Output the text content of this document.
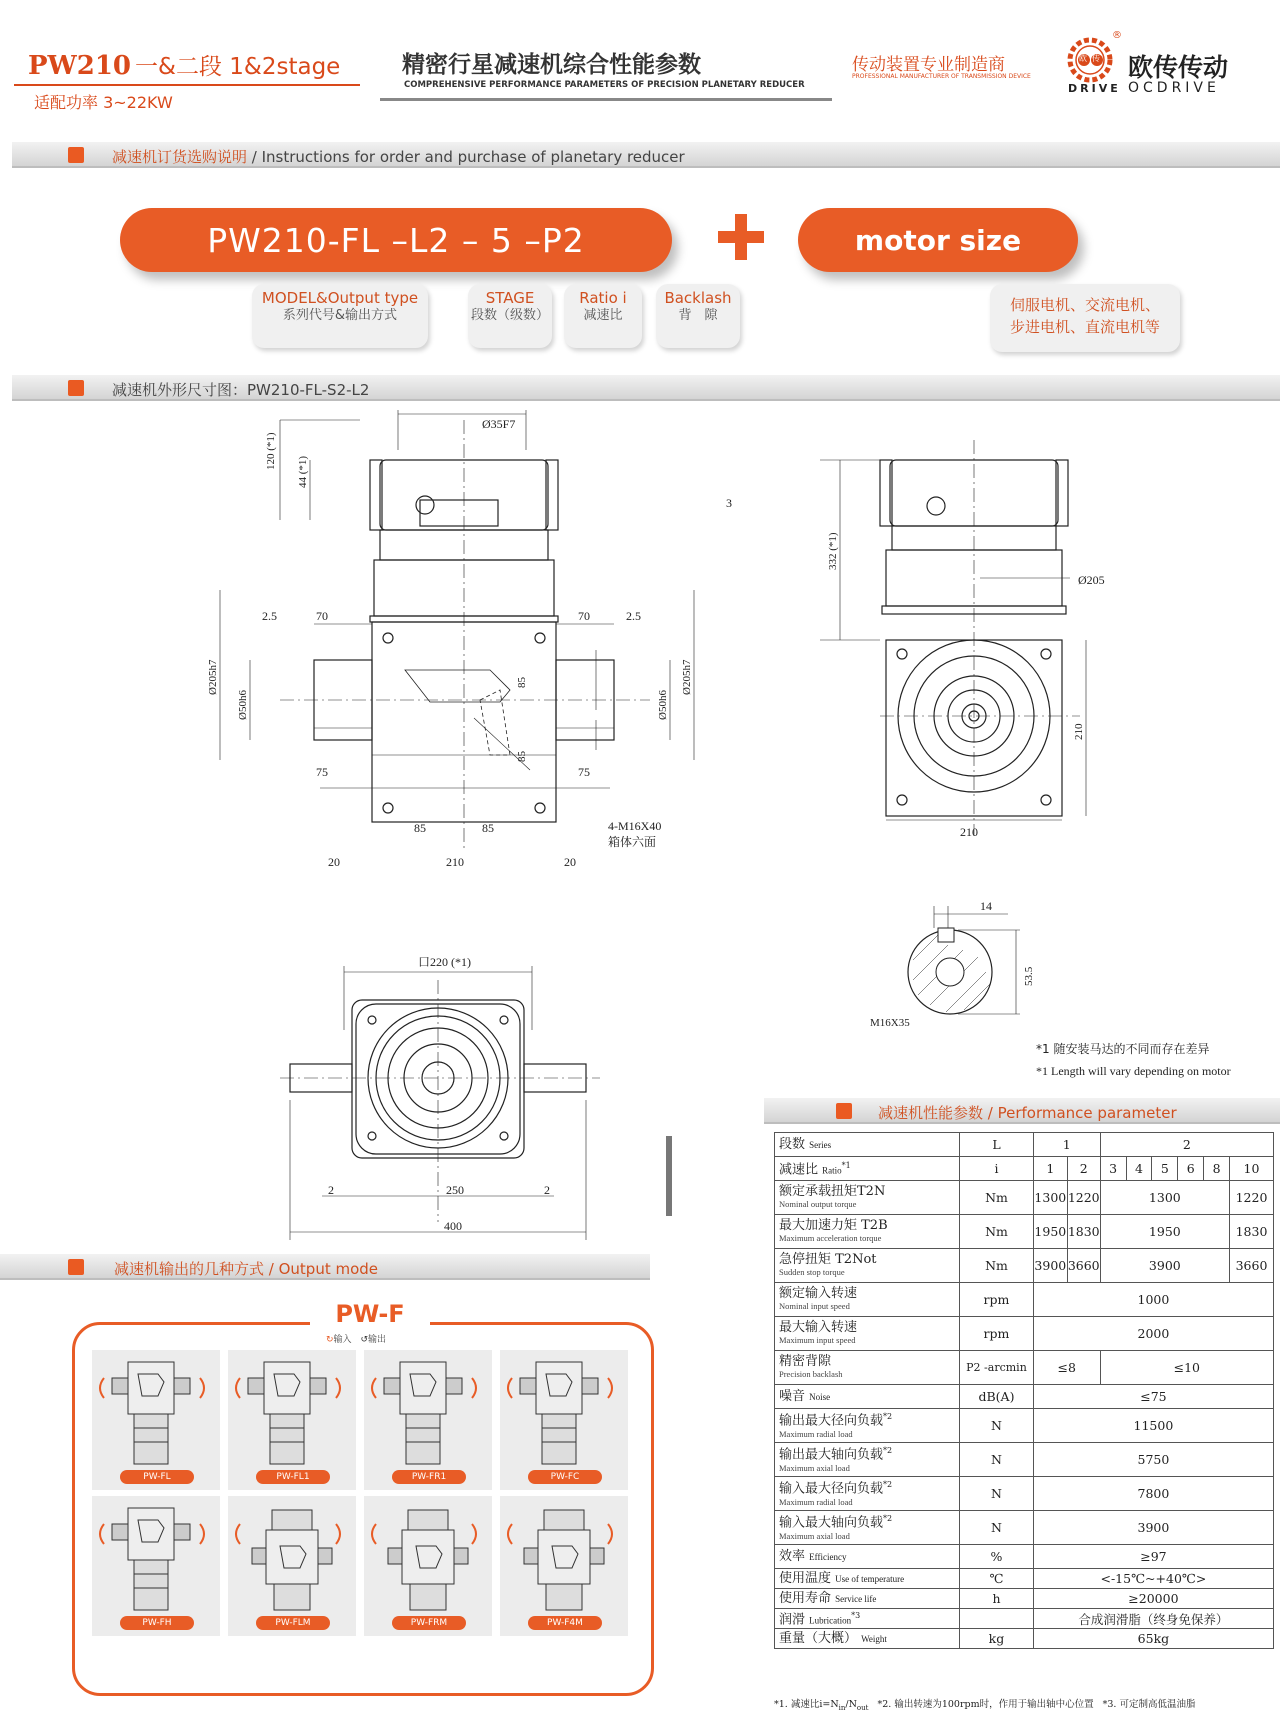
PW210 一&二段 1&2stage
适配功率 3~22KW
精密行星减速机综合性能参数
COMPREHENSIVE PERFORMANCE PARAMETERS OF PRECISION PLANETARY REDUCER
传动装置专业制造商
PROFESSIONAL MANUFACTURER OF TRANSMISSION DEVICE
欧 传
®
欧传传动
DRIVE OCDRIVE
减速机订货选购说明 / Instructions for order and purchase of planetary reducer
PW210-FL –L2 – 5 –P2	motor size
MODEL&Output type
系列代号&输出方式
STAGE
段数（级数）
Ratio i
减速比
Backlash
背　隙
伺服电机、交流电机、
步进电机、直流电机等
减速机外形尺寸图：PW210-FL-S2-L2
Ø35F7
120 (*1)
44 (*1)
Ø205h7	Ø205h7
Ø50h6	Ø50h6
2.5	70	70	2.5
75	75
85
85
85	85
20	210	20
4-M16X40
箱体六面
3
332 (*1)
Ø205
210
210
14
53.5
M16X35
口220 (*1)
2	250	2
400
*1 随安装马达的不同而存在差异
*1 Length will vary depending on motor
减速机性能参数 / Performance parameter
段数 Series	L	1		2					
减速比 Ratio$^{*1}$	i	1	2	3	4	5	6	8	10
额定承载扭矩T2N
Nominal output torque	Nm	1300	1220	1300					1220
最大加速力矩 T2B
Maximum acceleration torque	Nm	1950	1830	1950					1830
急停扭矩 T2Not
Sudden stop torque	Nm	3900	3660	3900					3660
额定输入转速
Nominal input speed	rpm	1000							
最大输入转速
Maximum input speed	rpm	2000							
精密背隙
Precision backlash	P2 -arcmin	≤8		≤10					
噪音 Noise	dB(A)	≤75							
输出最大径向负载$^{*2}$
Maximum radial load	N	11500							
输出最大轴向负载$^{*2}$
Maximum axial load	N	5750							
输入最大径向负载$^{*2}$
Maximum radial load	N	7800							
输入最大轴向负载$^{*2}$
Maximum axial load	N	3900							
效率 Efficiency	%	≥97							
使用温度 Use of temperature	℃	<-15℃~+40℃>							
使用寿命 Service life	h	≥20000							
润滑 Lubrication$^{*3}$		合成润滑脂（终身免保养）							
重量（大概） Weight	kg	65kg							
*1. 减速比$i=N_{in}/N_{out}$ *2. 输出转速为100rpm时，作用于输出轴中心位置 *3. 可定制高低温油脂
减速机输出的几种方式 / Output mode
PW-F
↻输入 ↺输出
PW-FL	PW-FL1	PW-FR1	PW-FC
PW-FH	PW-FLM	PW-FRM	PW-F4M
